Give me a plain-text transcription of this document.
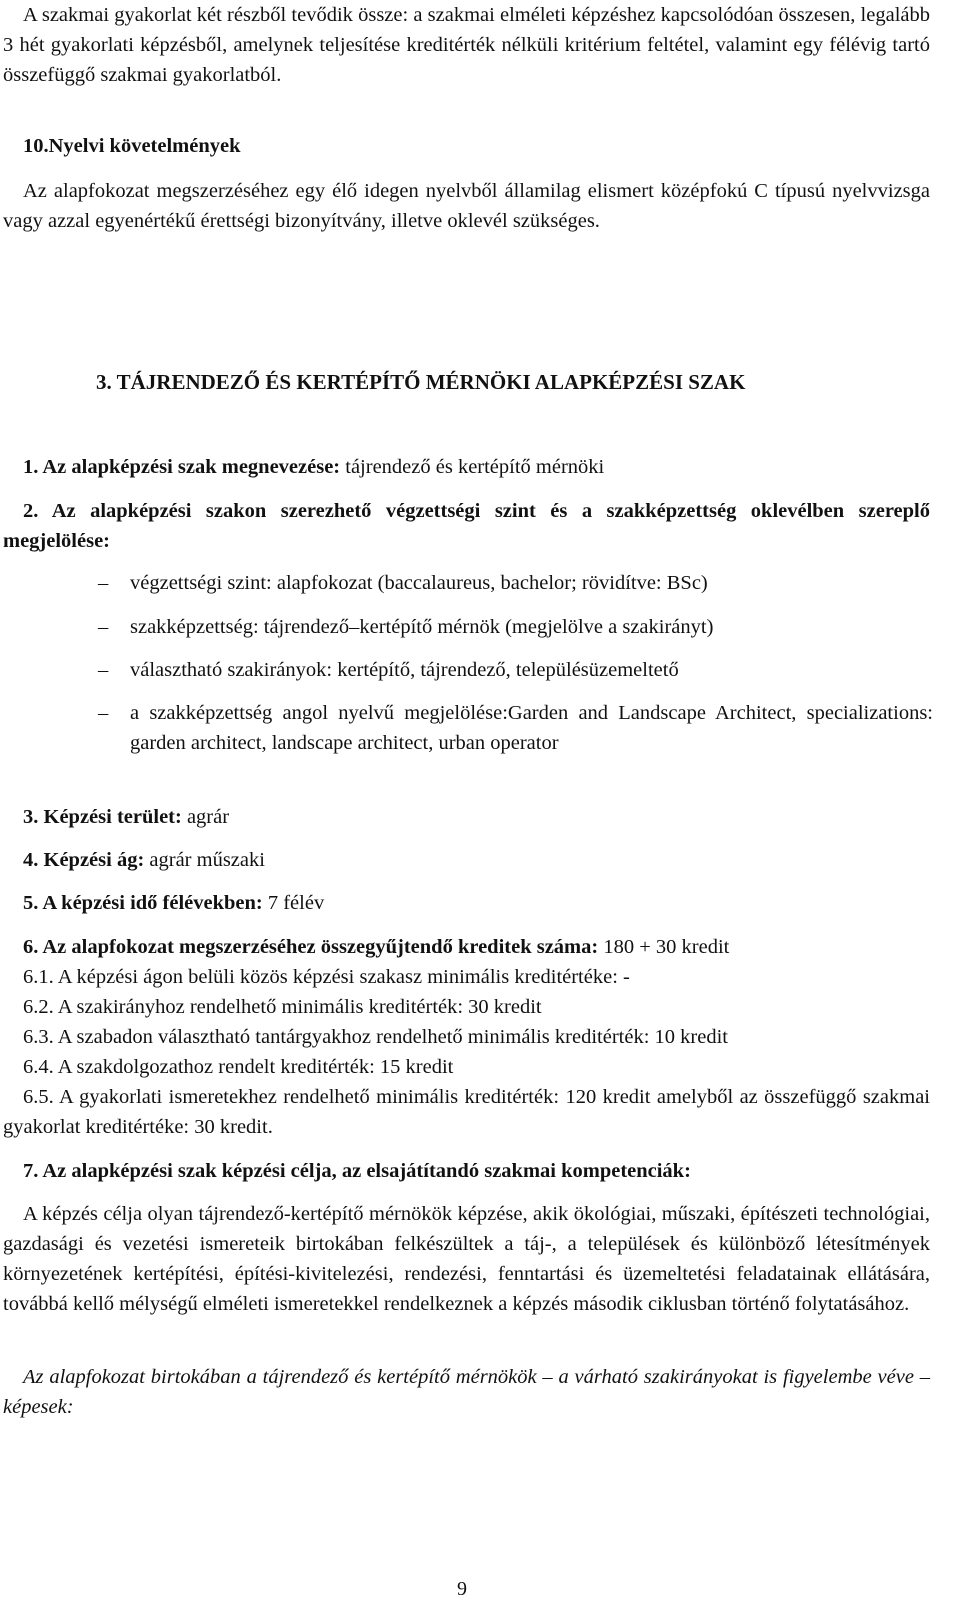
A szakmai gyakorlat két részből tevődik össze: a szakmai elméleti képzéshez kapcsolódóan összesen, legalább 3 hét gyakorlati képzésből, amelynek teljesítése kreditérték nélküli kritérium feltétel, valamint egy félévig tartó összefüggő szakmai gyakorlatból.
10.Nyelvi követelmények
Az alapfokozat megszerzéséhez egy élő idegen nyelvből államilag elismert középfokú C típusú nyelvvizsga vagy azzal egyenértékű érettségi bizonyítvány, illetve oklevél szükséges.
3. TÁJRENDEZŐ ÉS KERTÉPÍTŐ MÉRNÖKI ALAPKÉPZÉSI SZAK
1. Az alapképzési szak megnevezése: tájrendező és kertépítő mérnöki
2. Az alapképzési szakon szerezhető végzettségi szint és a szakképzettség oklevélben szereplő megjelölése:
– végzettségi szint: alapfokozat (baccalaureus, bachelor; rövidítve: BSc)
– szakképzettség: tájrendező–kertépítő mérnök (megjelölve a szakirányt)
– választható szakirányok: kertépítő, tájrendező, településüzemeltető
– a szakképzettség angol nyelvű megjelölése:Garden and Landscape Architect, specializations: garden architect, landscape architect, urban operator
3. Képzési terület: agrár
4. Képzési ág: agrár műszaki
5. A képzési idő félévekben: 7 félév
6. Az alapfokozat megszerzéséhez összegyűjtendő kreditek száma: 180 + 30 kredit
6.1. A képzési ágon belüli közös képzési szakasz minimális kreditértéke: -
6.2. A szakirányhoz rendelhető minimális kreditérték: 30 kredit
6.3. A szabadon választható tantárgyakhoz rendelhető minimális kreditérték: 10 kredit
6.4. A szakdolgozathoz rendelt kreditérték: 15 kredit
6.5. A gyakorlati ismeretekhez rendelhető minimális kreditérték: 120 kredit amelyből az összefüggő szakmai gyakorlat kreditértéke: 30 kredit.
7. Az alapképzési szak képzési célja, az elsajátítandó szakmai kompetenciák:
A képzés célja olyan tájrendező-kertépítő mérnökök képzése, akik ökológiai, műszaki, építészeti technológiai, gazdasági és vezetési ismereteik birtokában felkészültek a táj-, a települések és különböző létesítmények környezetének kertépítési, építési-kivitelezési, rendezési, fenntartási és üzemeltetési feladatainak ellátására, továbbá kellő mélységű elméleti ismeretekkel rendelkeznek a képzés második ciklusban történő folytatásához.
Az alapfokozat birtokában a tájrendező és kertépítő mérnökök – a várható szakirányokat is figyelembe véve – képesek:
9
